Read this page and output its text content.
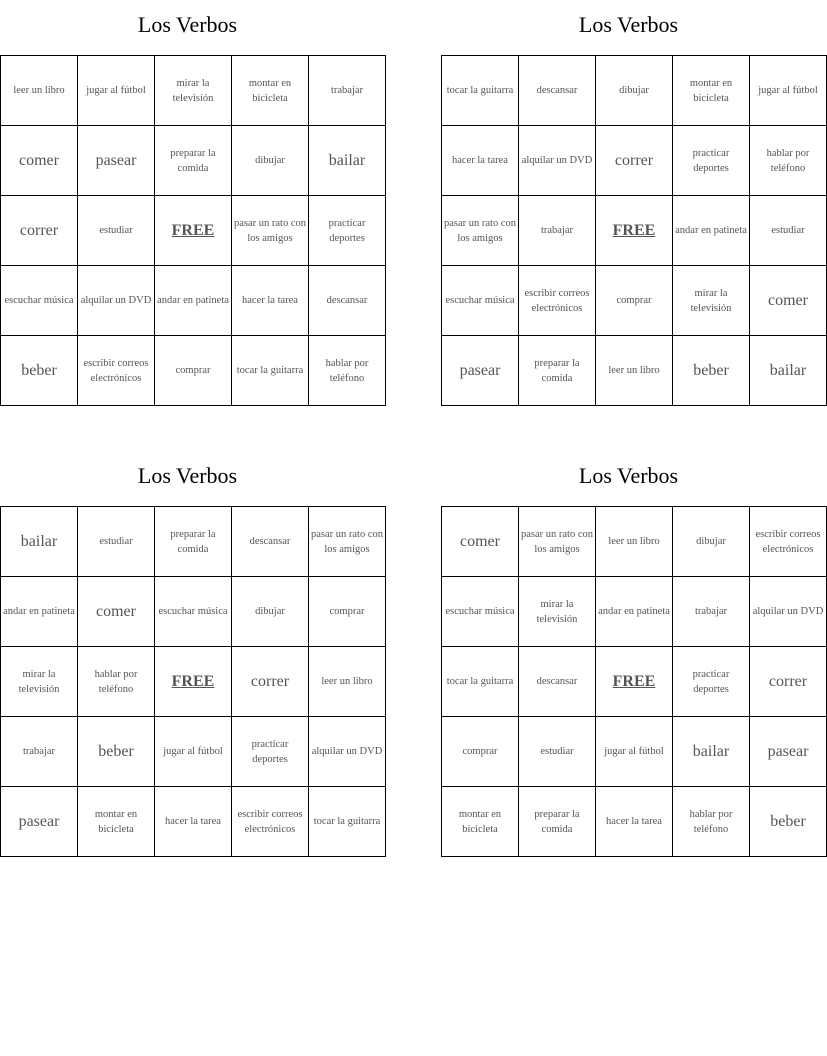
Los Verbos
leer un libro	jugar al fútbol	mirar la televisión	montar en bicicleta	trabajar
comer	pasear	preparar la comida	dibujar	bailar
correr	estudiar	FREE	pasar un rato con los amigos	practicar deportes
escuchar música	alquilar un DVD	andar en patineta	hacer la tarea	descansar
beber	escribir correos electrónicos	comprar	tocar la guitarra	hablar por teléfono
Los Verbos
tocar la guitarra	descansar	dibujar	montar en bicicleta	jugar al fútbol
hacer la tarea	alquilar un DVD	correr	practicar deportes	hablar por teléfono
pasar un rato con los amigos	trabajar	FREE	andar en patineta	estudiar
escuchar música	escribir correos electrónicos	comprar	mirar la televisión	comer
pasear	preparar la comida	leer un libro	beber	bailar
Los Verbos
bailar	estudiar	preparar la comida	descansar	pasar un rato con los amigos
andar en patineta	comer	escuchar música	dibujar	comprar
mirar la televisión	hablar por teléfono	FREE	correr	leer un libro
trabajar	beber	jugar al fútbol	practicar deportes	alquilar un DVD
pasear	montar en bicicleta	hacer la tarea	escribir correos electrónicos	tocar la guitarra
Los Verbos
comer	pasar un rato con los amigos	leer un libro	dibujar	escribir correos electrónicos
escuchar música	mirar la televisión	andar en patineta	trabajar	alquilar un DVD
tocar la guitarra	descansar	FREE	practicar deportes	correr
comprar	estudiar	jugar al fútbol	bailar	pasear
montar en bicicleta	preparar la comida	hacer la tarea	hablar por teléfono	beber
